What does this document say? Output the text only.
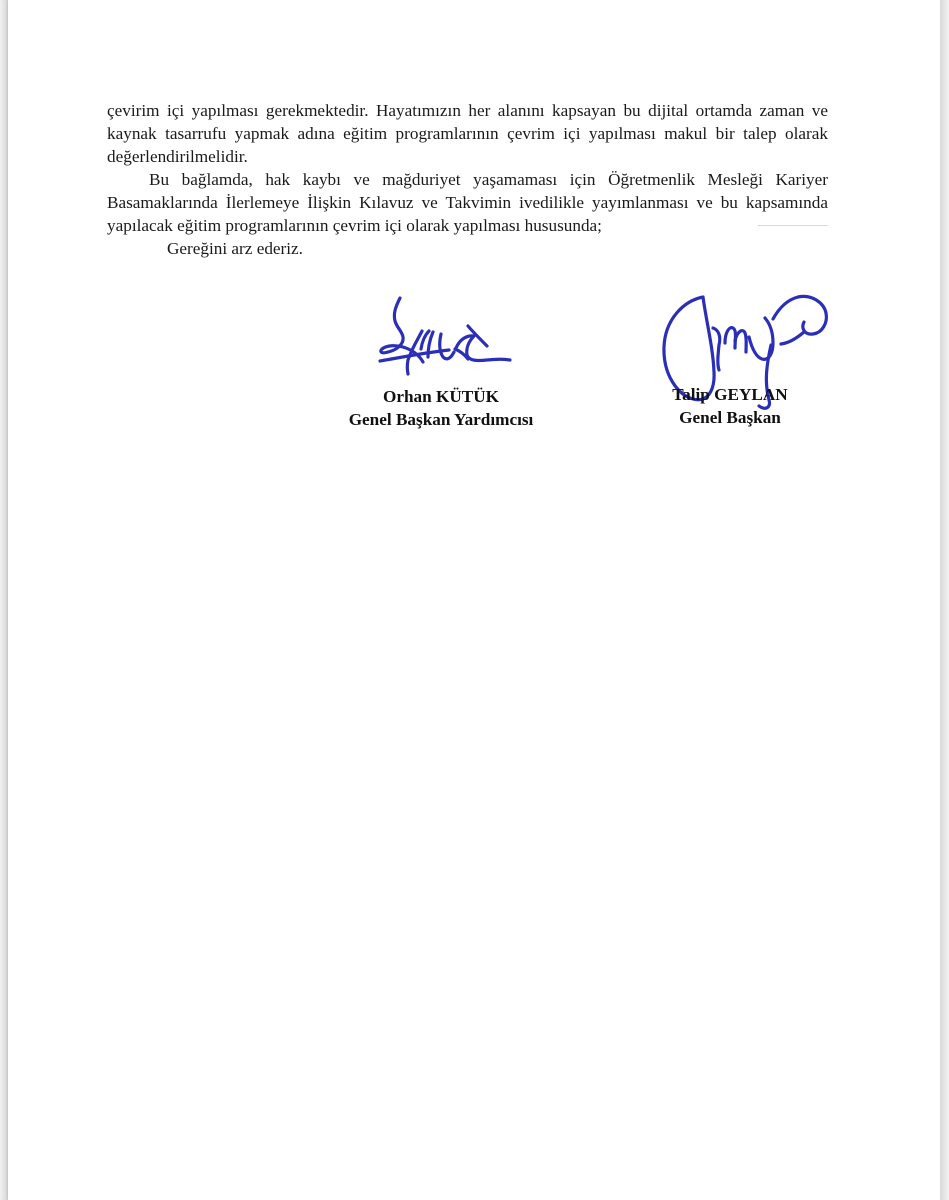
çevirim içi yapılması gerekmektedir. Hayatımızın her alanını kapsayan bu dijital ortamda zaman ve kaynak tasarrufu yapmak adına eğitim programlarının çevrim içi yapılması makul bir talep olarak değerlendirilmelidir.

Bu bağlamda, hak kaybı ve mağduriyet yaşamaması için Öğretmenlik Mesleği Kariyer Basamaklarında İlerlemeye İlişkin Kılavuz ve Takvimin ivedilikle yayımlanması ve bu kapsamında yapılacak eğitim programlarının çevrim içi olarak yapılması hususunda;

Gereğini arz ederiz.

Orhan KÜTÜK
Genel Başkan Yardımcısı
Talip GEYLAN
Genel Başkan
